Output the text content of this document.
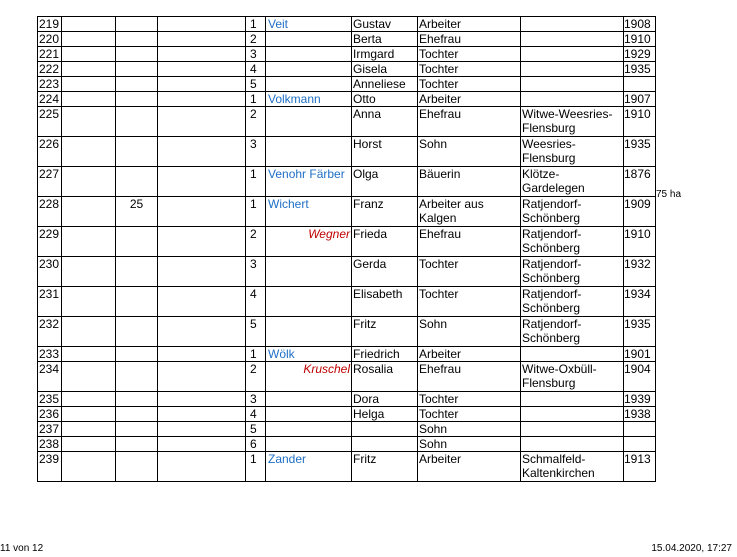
219				1	Veit	Gustav	Arbeiter		1908
220				2		Berta	Ehefrau		1910
221				3		Irmgard	Tochter		1929
222				4		Gisela	Tochter		1935
223				5		Anneliese	Tochter		
224				1	Volkmann	Otto	Arbeiter		1907
225				2		Anna	Ehefrau	Witwe-Weesries-Flensburg	1910
226				3		Horst	Sohn	Weesries-Flensburg	1935
227				1	Venohr Färber	Olga	Bäuerin	Klötze-Gardelegen	1876
228		25		1	Wichert	Franz	Arbeiter aus Kalgen	Ratjendorf-Schönberg	1909
229				2	Wegner	Frieda	Ehefrau	Ratjendorf-Schönberg	1910
230				3		Gerda	Tochter	Ratjendorf-Schönberg	1932
231				4		Elisabeth	Tochter	Ratjendorf-Schönberg	1934
232				5		Fritz	Sohn	Ratjendorf-Schönberg	1935
233				1	Wölk	Friedrich	Arbeiter		1901
234				2	Kruschel	Rosalia	Ehefrau	Witwe-Oxbüll-Flensburg	1904
235				3		Dora	Tochter		1939
236				4		Helga	Tochter		1938
237				5			Sohn		
238				6			Sohn		
239				1	Zander	Fritz	Arbeiter	Schmalfeld-Kaltenkirchen	1913
75 ha
11 von 12	15.04.2020, 17:27
